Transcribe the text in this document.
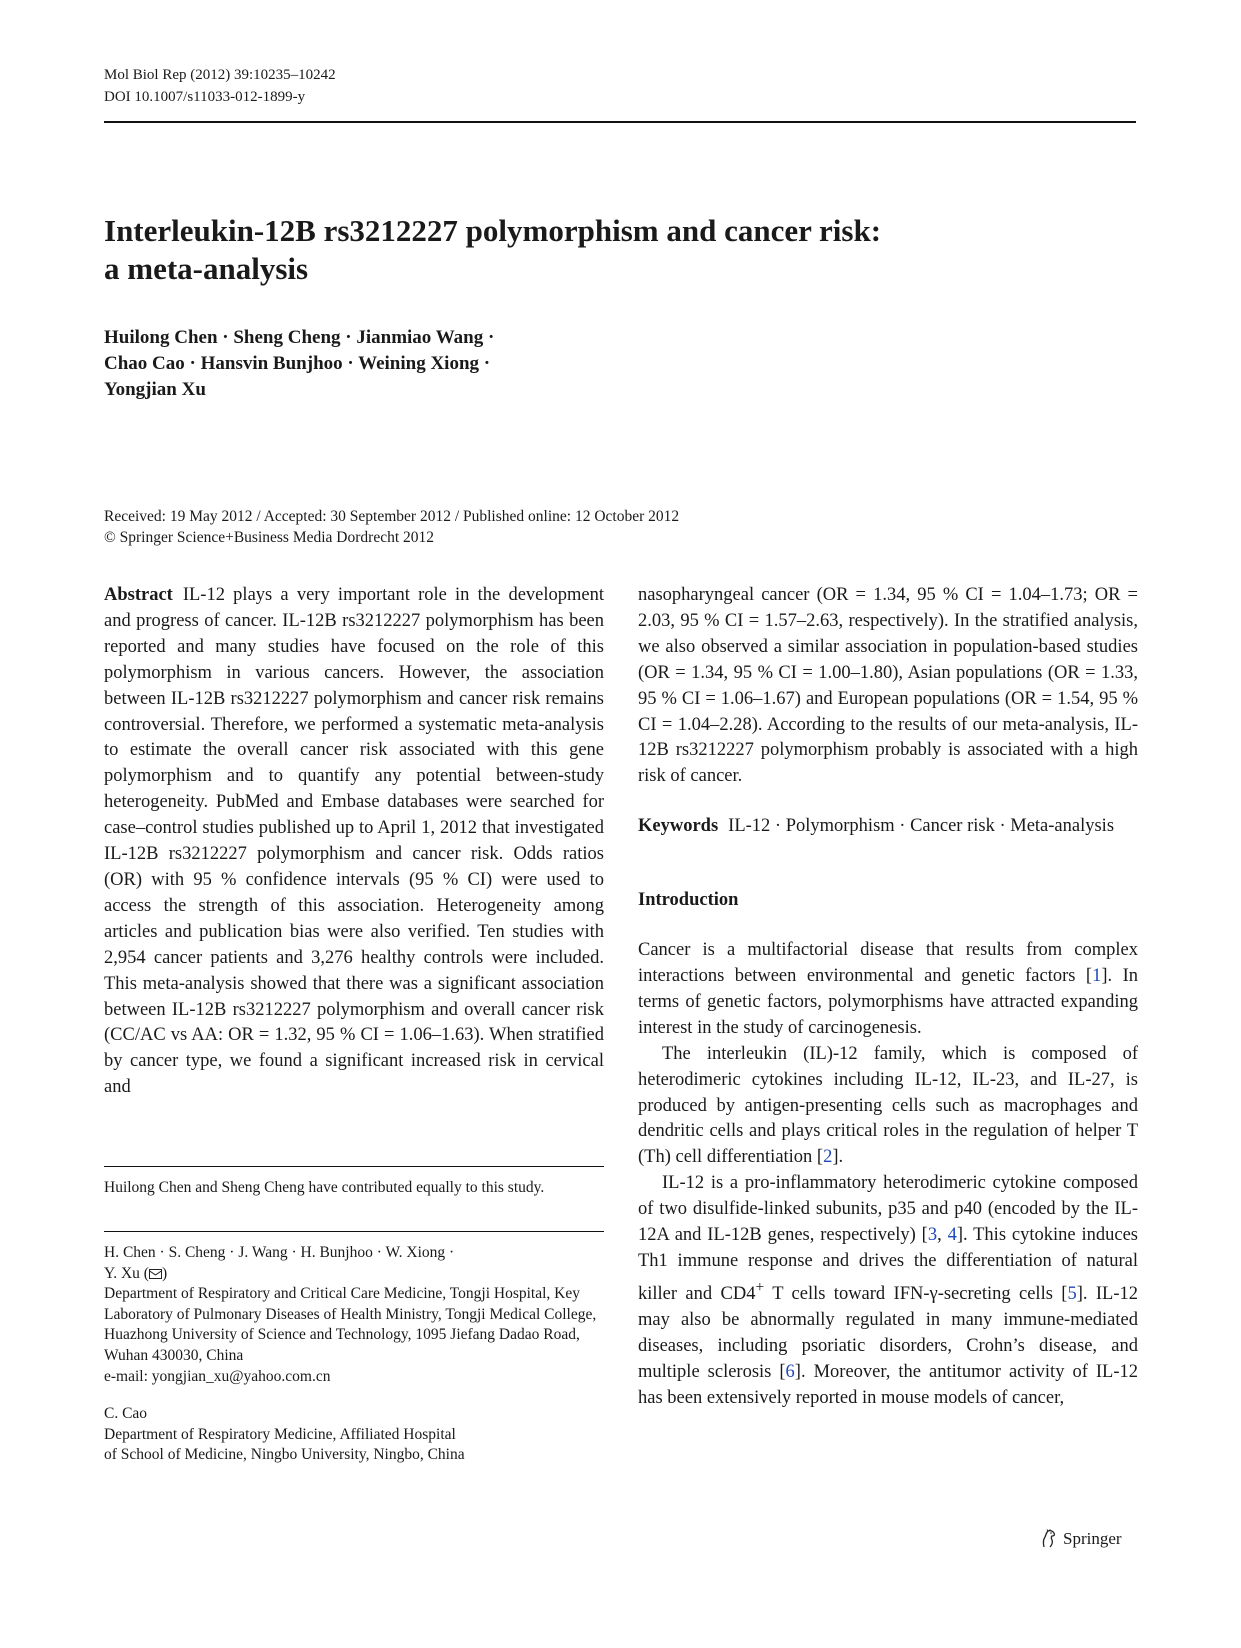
Mol Biol Rep (2012) 39:10235–10242
DOI 10.1007/s11033-012-1899-y
Interleukin-12B rs3212227 polymorphism and cancer risk:
a meta-analysis
Huilong Chen · Sheng Cheng · Jianmiao Wang ·
Chao Cao · Hansvin Bunjhoo · Weining Xiong ·
Yongjian Xu
Received: 19 May 2012 / Accepted: 30 September 2012 / Published online: 12 October 2012
© Springer Science+Business Media Dordrecht 2012

Abstract IL-12 plays a very important role in the development and progress of cancer. IL-12B rs3212227 polymorphism has been reported and many studies have focused on the role of this polymorphism in various cancers. However, the association between IL-12B rs3212227 polymorphism and cancer risk remains controversial. Therefore, we performed a systematic meta-analysis to estimate the overall cancer risk associated with this gene polymorphism and to quantify any potential between-study heterogeneity. PubMed and Embase databases were searched for case–control studies published up to April 1, 2012 that investigated IL-12B rs3212227 polymorphism and cancer risk. Odds ratios (OR) with 95 % confidence intervals (95 % CI) were used to access the strength of this association. Heterogeneity among articles and publication bias were also verified. Ten studies with 2,954 cancer patients and 3,276 healthy controls were included. This meta-analysis showed that there was a significant association between IL-12B rs3212227 polymorphism and overall cancer risk (CC/AC vs AA: OR = 1.32, 95 % CI = 1.06–1.63). When stratified by cancer type, we found a significant increased risk in cervical and

nasopharyngeal cancer (OR = 1.34, 95 % CI = 1.04–1.73; OR = 2.03, 95 % CI = 1.57–2.63, respectively). In the stratified analysis, we also observed a similar association in population-based studies (OR = 1.34, 95 % CI = 1.00–1.80), Asian populations (OR = 1.33, 95 % CI = 1.06–1.67) and European populations (OR = 1.54, 95 % CI = 1.04–2.28). According to the results of our meta-analysis, IL-12B rs3212227 polymorphism probably is associated with a high risk of cancer.

Keywords IL-12 · Polymorphism · Cancer risk · Meta-analysis

Introduction

Cancer is a multifactorial disease that results from complex interactions between environmental and genetic factors [1]. In terms of genetic factors, polymorphisms have attracted expanding interest in the study of carcinogenesis.

The interleukin (IL)-12 family, which is composed of heterodimeric cytokines including IL-12, IL-23, and IL-27, is produced by antigen-presenting cells such as macrophages and dendritic cells and plays critical roles in the regulation of helper T (Th) cell differentiation [2].

IL-12 is a pro-inflammatory heterodimeric cytokine composed of two disulfide-linked subunits, p35 and p40 (encoded by the IL-12A and IL-12B genes, respectively) [3, 4]. This cytokine induces Th1 immune response and drives the differentiation of natural killer and CD4+ T cells toward IFN-γ-secreting cells [5]. IL-12 may also be abnormally regulated in many immune-mediated diseases, including psoriatic disorders, Crohn’s disease, and multiple sclerosis [6]. Moreover, the antitumor activity of IL-12 has been extensively reported in mouse models of cancer,

Huilong Chen and Sheng Cheng have contributed equally to this study.
H. Chen · S. Cheng · J. Wang · H. Bunjhoo · W. Xiong ·
Y. Xu ( )
Department of Respiratory and Critical Care Medicine, Tongji Hospital, Key Laboratory of Pulmonary Diseases of Health Ministry, Tongji Medical College, Huazhong University of Science and Technology, 1095 Jiefang Dadao Road, Wuhan 430030, China
e-mail: yongjian_xu@yahoo.com.cn
C. Cao
Department of Respiratory Medicine, Affiliated Hospital
of School of Medicine, Ningbo University, Ningbo, China
Springer
